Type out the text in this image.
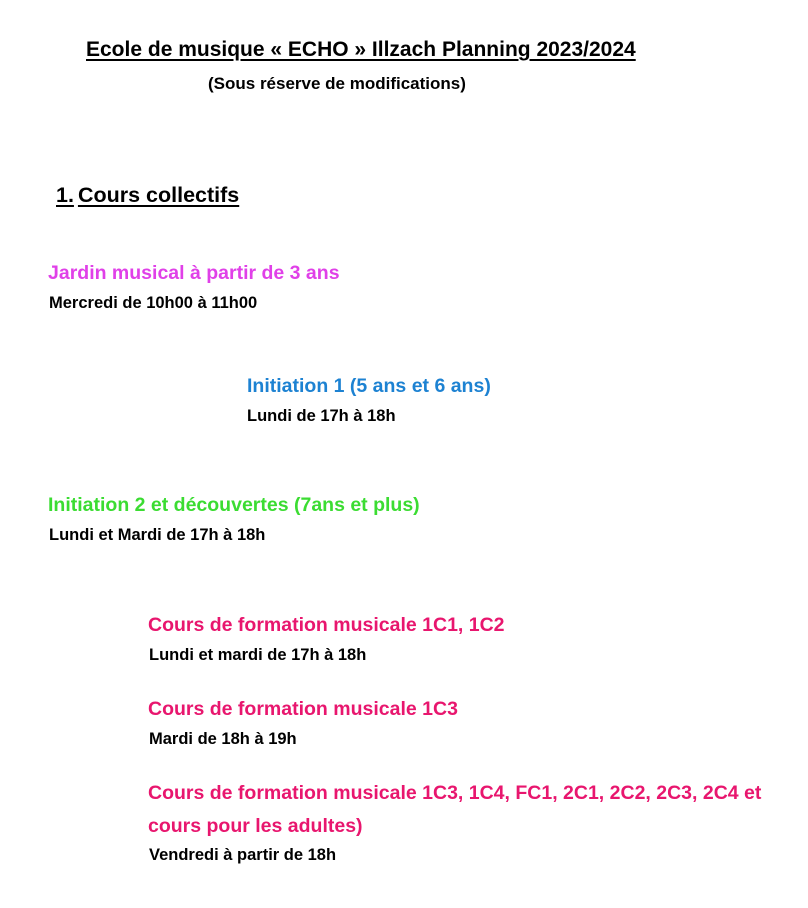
Ecole de musique « ECHO » Illzach Planning 2023/2024
(Sous réserve de modifications)
1. Cours collectifs
Jardin musical à partir de 3 ans
Mercredi de 10h00 à 11h00
Initiation 1 (5 ans et 6 ans)
Lundi de 17h à 18h
Initiation 2 et découvertes (7ans et plus)
Lundi et Mardi de 17h à 18h
Cours de formation musicale 1C1, 1C2
Lundi et mardi de 17h à 18h
Cours de formation musicale 1C3
Mardi de 18h à 19h
Cours de formation musicale 1C3, 1C4, FC1, 2C1, 2C2, 2C3, 2C4 et cours pour les adultes)
Vendredi à partir de 18h
